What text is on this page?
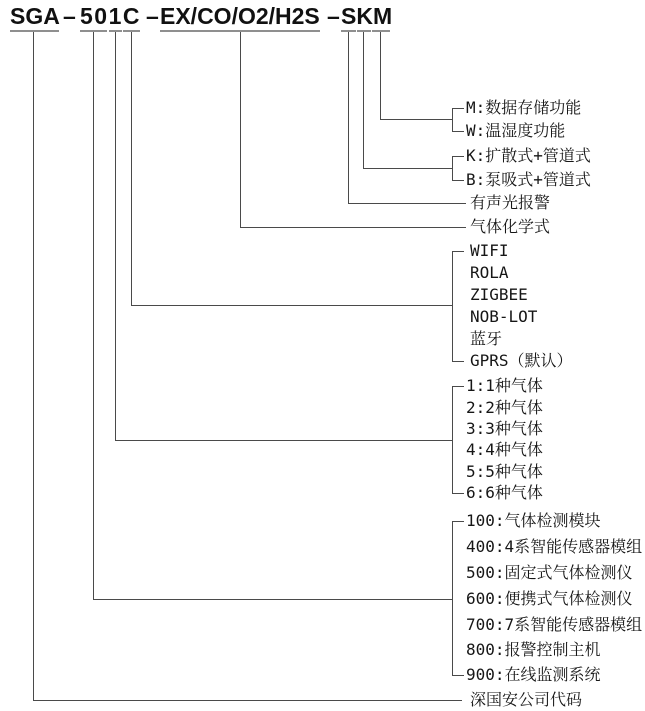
SGA – 501C – EX/CO/O2/H2S – SKM
M:数据存储功能
W:温湿度功能
K:扩散式+管道式
B:泵吸式+管道式
有声光报警
气体化学式
WIFI
ROLA
ZIGBEE
NOB-LOT
蓝牙
GPRS（默认）
1:1种气体
2:2种气体
3:3种气体
4:4种气体
5:5种气体
6:6种气体
100:气体检测模块
400:4系智能传感器模组
500:固定式气体检测仪
600:便携式气体检测仪
700:7系智能传感器模组
800:报警控制主机
900:在线监测系统
深国安公司代码
